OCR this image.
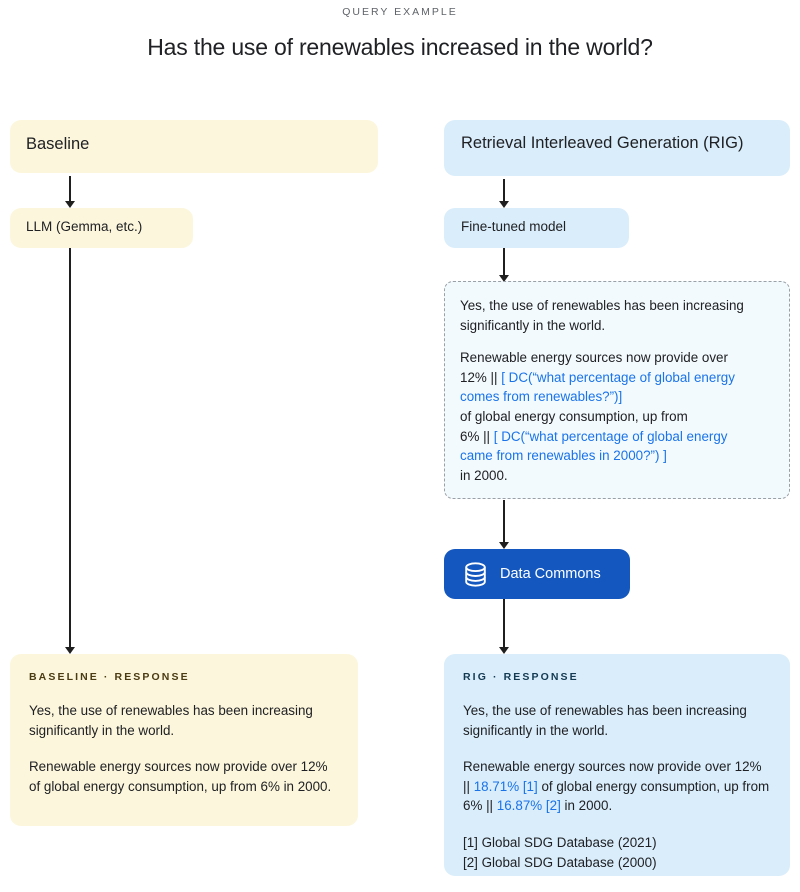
QUERY EXAMPLE
Has the use of renewables increased in the world?
Baseline
LLM (Gemma, etc.)
BASELINE · RESPONSE

Yes, the use of renewables has been increasing significantly in the world.

Renewable energy sources now provide over 12% of global energy consumption, up from 6% in 2000.

Retrieval Interleaved Generation (RIG)
Fine-tuned model
Yes, the use of renewables has been increasing
significantly in the world.
Renewable energy sources now provide over
12% || [ DC(“what percentage of global energy
comes from renewables?”)]
of global energy consumption, up from
6% || [ DC(“what percentage of global energy
came from renewables in 2000?”) ]
in 2000.
Data Commons
RIG · RESPONSE

Yes, the use of renewables has been increasing significantly in the world.

Renewable energy sources now provide over 12% || 18.71% [1] of global energy consumption, up from 6% || 16.87% [2] in 2000.

[1] Global SDG Database (2021)
[2] Global SDG Database (2000)
